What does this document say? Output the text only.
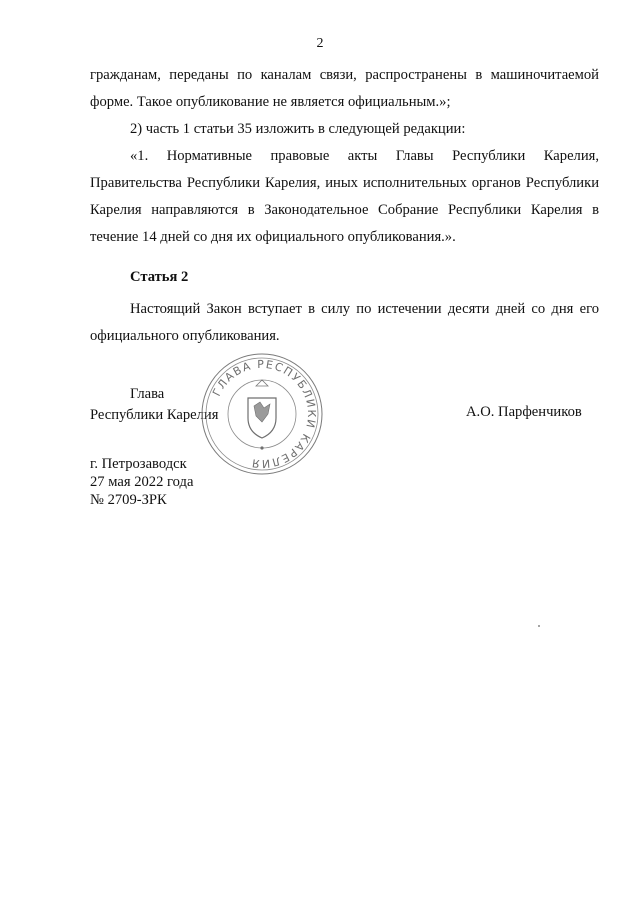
2
гражданам, переданы по каналам связи, распространены в машиночитаемой форме. Такое опубликование не является официальным.»;
2) часть 1 статьи 35 изложить в следующей редакции:
«1. Нормативные правовые акты Главы Республики Карелия, Правительства Республики Карелия, иных исполнительных органов Республики Карелия направляются в Законодательное Собрание Республики Карелия в течение 14 дней со дня их официального опубликования.».
Статья 2
Настоящий Закон вступает в силу по истечении десяти дней со дня его официального опубликования.
Глава
Республики Карелия
ГЛАВА РЕСПУБЛИКИ КАРЕЛИЯ
А.О. Парфенчиков
г. Петрозаводск
27 мая 2022 года
№ 2709-ЗРК
